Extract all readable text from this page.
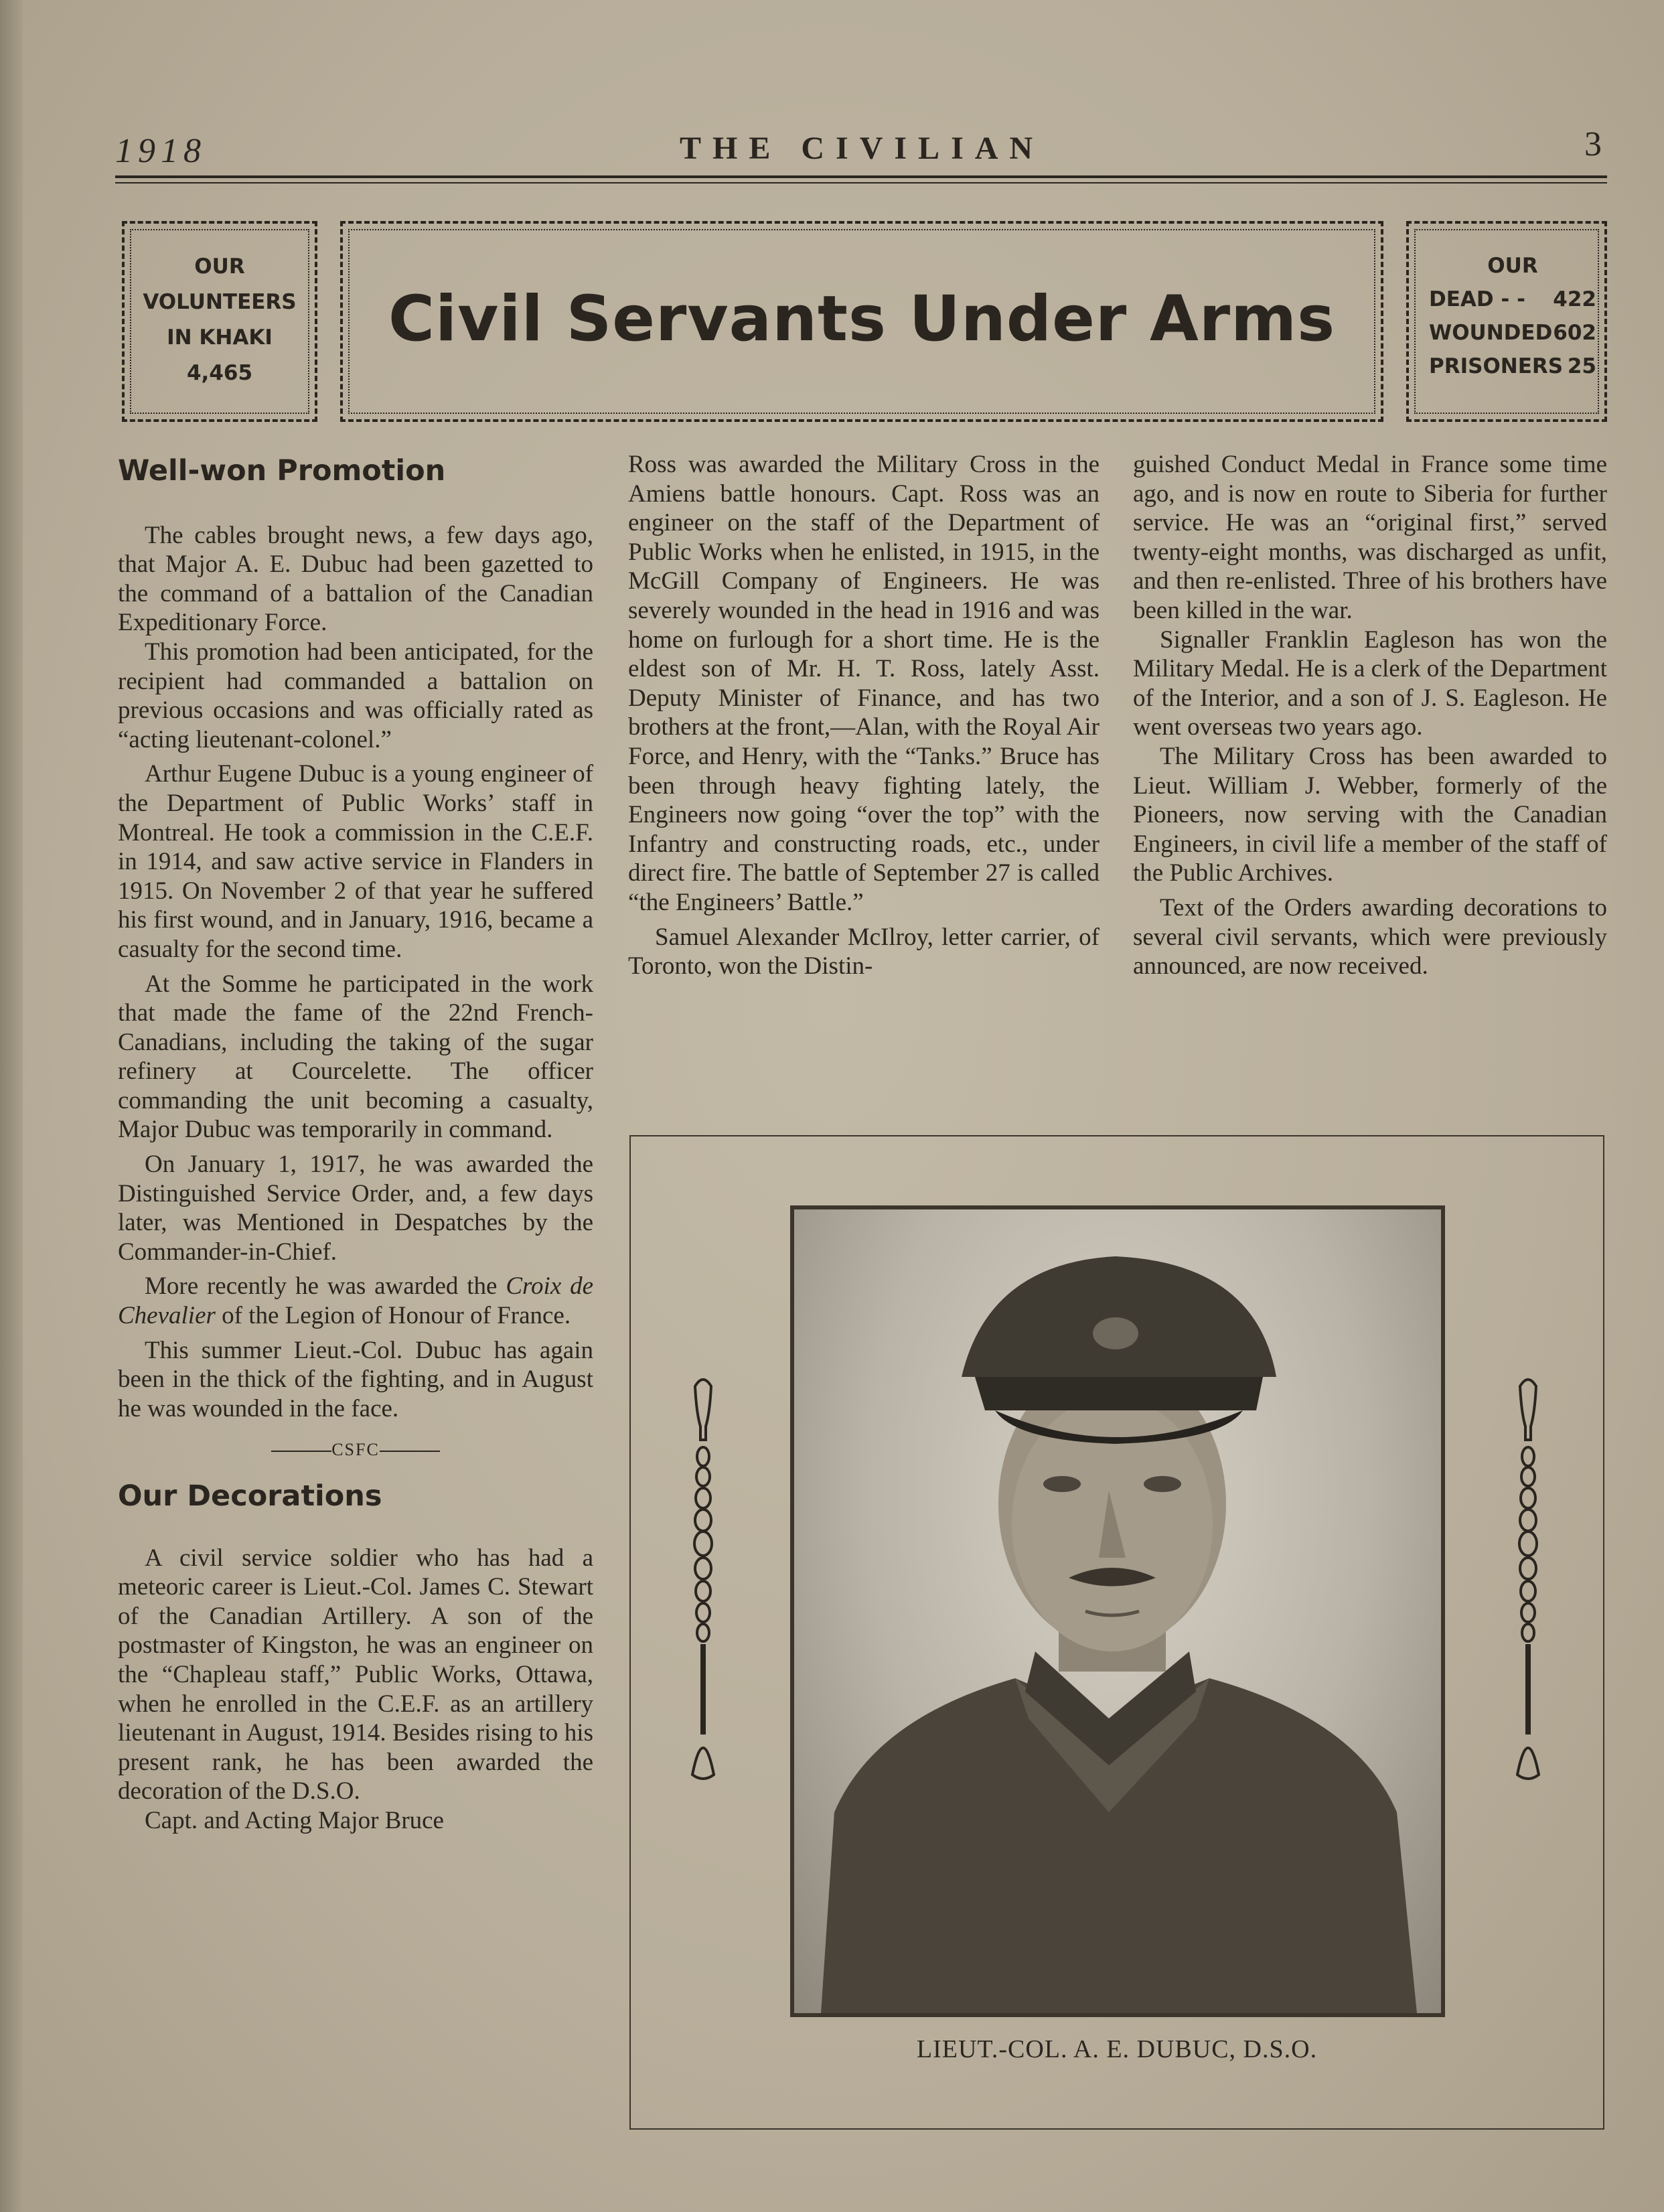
1918	THE CIVILIAN	3
OUR
VOLUNTEERS
IN KHAKI
4,465
Civil Servants Under Arms
OUR
DEAD - - 422
WOUNDED 602
PRISONERS 25
Well-won Promotion

The cables brought news, a few days ago, that Major A. E. Dubuc had been gazetted to the command of a battalion of the Canadian Expeditionary Force.

This promotion had been anticipated, for the recipient had commanded a battalion on previous occasions and was officially rated as “acting lieutenant-colonel.”

Arthur Eugene Dubuc is a young engineer of the Department of Public Works’ staff in Montreal. He took a commission in the C.E.F. in 1914, and saw active service in Flanders in 1915. On November 2 of that year he suffered his first wound, and in January, 1916, became a casualty for the second time.

At the Somme he participated in the work that made the fame of the 22nd French-Canadians, including the taking of the sugar refinery at Courcelette. The officer commanding the unit becoming a casualty, Major Dubuc was temporarily in command.

On January 1, 1917, he was awarded the Distinguished Service Order, and, a few days later, was Mentioned in Despatches by the Commander-in-Chief.

More recently he was awarded the Croix de Chevalier of the Legion of Honour of France.

This summer Lieut.-Col. Dubuc has again been in the thick of the fighting, and in August he was wounded in the face.

CSFC
Our Decorations

A civil service soldier who has had a meteoric career is Lieut.-Col. James C. Stewart of the Canadian Artillery. A son of the postmaster of Kingston, he was an engineer on the “Chapleau staff,” Public Works, Ottawa, when he enrolled in the C.E.F. as an artillery lieutenant in August, 1914. Besides rising to his present rank, he has been awarded the decoration of the D.S.O.

Capt. and Acting Major Bruce

Ross was awarded the Military Cross in the Amiens battle honours. Capt. Ross was an engineer on the staff of the Department of Public Works when he enlisted, in 1915, in the McGill Company of Engineers. He was severely wounded in the head in 1916 and was home on furlough for a short time. He is the eldest son of Mr. H. T. Ross, lately Asst. Deputy Minister of Finance, and has two brothers at the front,—Alan, with the Royal Air Force, and Henry, with the “Tanks.” Bruce has been through heavy fighting lately, the Engineers now going “over the top” with the Infantry and constructing roads, etc., under direct fire. The battle of September 27 is called “the Engineers’ Battle.”

Samuel Alexander McIlroy, letter carrier, of Toronto, won the Distin-

guished Conduct Medal in France some time ago, and is now en route to Siberia for further service. He was an “original first,” served twenty-eight months, was discharged as unfit, and then re-enlisted. Three of his brothers have been killed in the war.

Signaller Franklin Eagleson has won the Military Medal. He is a clerk of the Department of the Interior, and a son of J. S. Eagleson. He went overseas two years ago.

The Military Cross has been awarded to Lieut. William J. Webber, formerly of the Pioneers, now serving with the Canadian Engineers, in civil life a member of the staff of the Public Archives.

Text of the Orders awarding decorations to several civil servants, which were previously announced, are now received.

LIEUT.-COL. A. E. DUBUC, D.S.O.
